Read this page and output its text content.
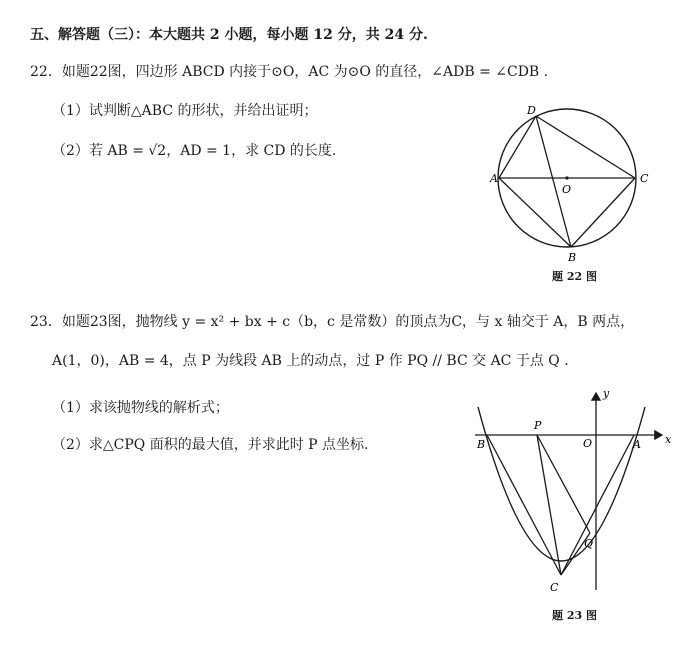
五、解答题（三）：本大题共 2 小题，每小题 12 分，共 24 分.
22．如题22图，四边形 ABCD 内接于⊙O，AC 为⊙O 的直径，∠ADB = ∠CDB .
（1）试判断△ABC 的形状，并给出证明；
（2）若 AB = √2，AD = 1，求 CD 的长度.
D
A	C
O
B
题 22 图
23．如题23图，抛物线 y = x² + bx + c（b，c 是常数）的顶点为C，与 x 轴交于 A，B 两点，
A(1，0)，AB = 4，点 P 为线段 AB 上的动点，过 P 作 PQ // BC 交 AC 于点 Q .
（1）求该抛物线的解析式；
（2）求△CPQ 面积的最大值，并求此时 P 点坐标.
y
x
O
B	A
P
Q
C
题 23 图
